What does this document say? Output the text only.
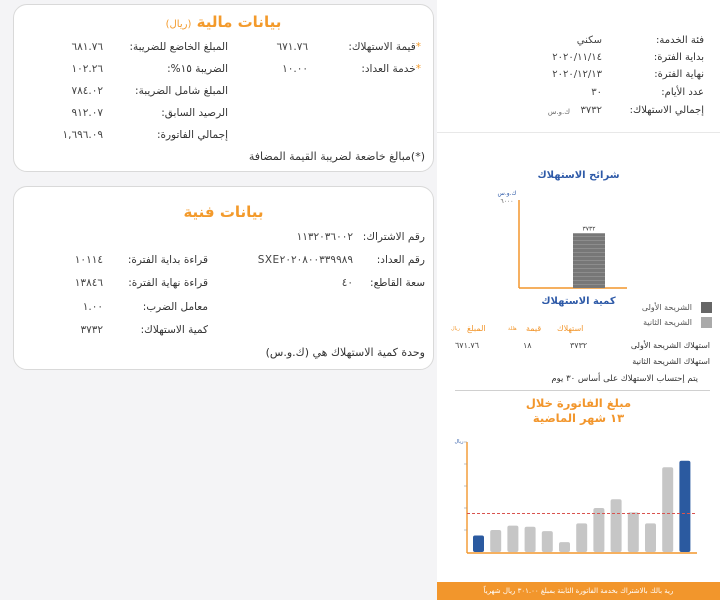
بيانات مالية (ريال)
*قيمة الاستهلاك:
٦٧١.٧٦
*خدمة العداد:
١٠.٠٠
المبلغ الخاضع للضريبة:
٦٨١.٧٦
الضريبة ١٥%:
١٠٢.٢٦
المبلغ شامل الضريبة:
٧٨٤.٠٢
الرصيد السابق:
٩١٢.٠٧
إجمالي الفاتورة:
١,٦٩٦.٠٩
(*)مبالغ خاضعة لضريبة القيمة المضافة
بيانات فنية
رقم الاشتراك:
١١٣٢٠٣٦٠٠٢
رقم العداد:
SXE٢٠٢٠٨٠٠٣٣٩٩٨٩
سعة القاطع:
٤٠
قراءة بداية الفترة:
١٠١١٤
قراءة نهاية الفترة:
١٣٨٤٦
معامل الضرب:
١.٠٠
كمية الاستهلاك:
٣٧٣٢
وحدة كمية الاستهلاك هي (ك.و.س)
فئة الخدمة:
سكني
بداية الفترة:
٢٠٢٠/١١/١٤
نهاية الفترة:
٢٠٢٠/١٢/١٣
عدد الأيام:
٣٠
إجمالي الاستهلاك:
٣٧٣٢
ك.و.س
شرائح الاستهلاك
ك.و.س
٦٠٠٠
٣٧٣٢
كمية الاستهلاك
الشريحة الأولى
الشريحة الثانية
استهلاك
قيمة
هللة
المبلغ
ريال
استهلاك الشريحة الأولى
٣٧٣٢
١٨
٦٧١.٧٦
استهلاك الشريحة الثانية
يتم إحتساب الاستهلاك على أساس ٣٠ يوم
مبلغ الفاتورة خلال
١٣ شهر الماضية
ريال
رية بالك بالاشتراك بخدمة الفاتورة الثابتة بمبلغ ٣٠١.٠٠ ريال شهرياً
